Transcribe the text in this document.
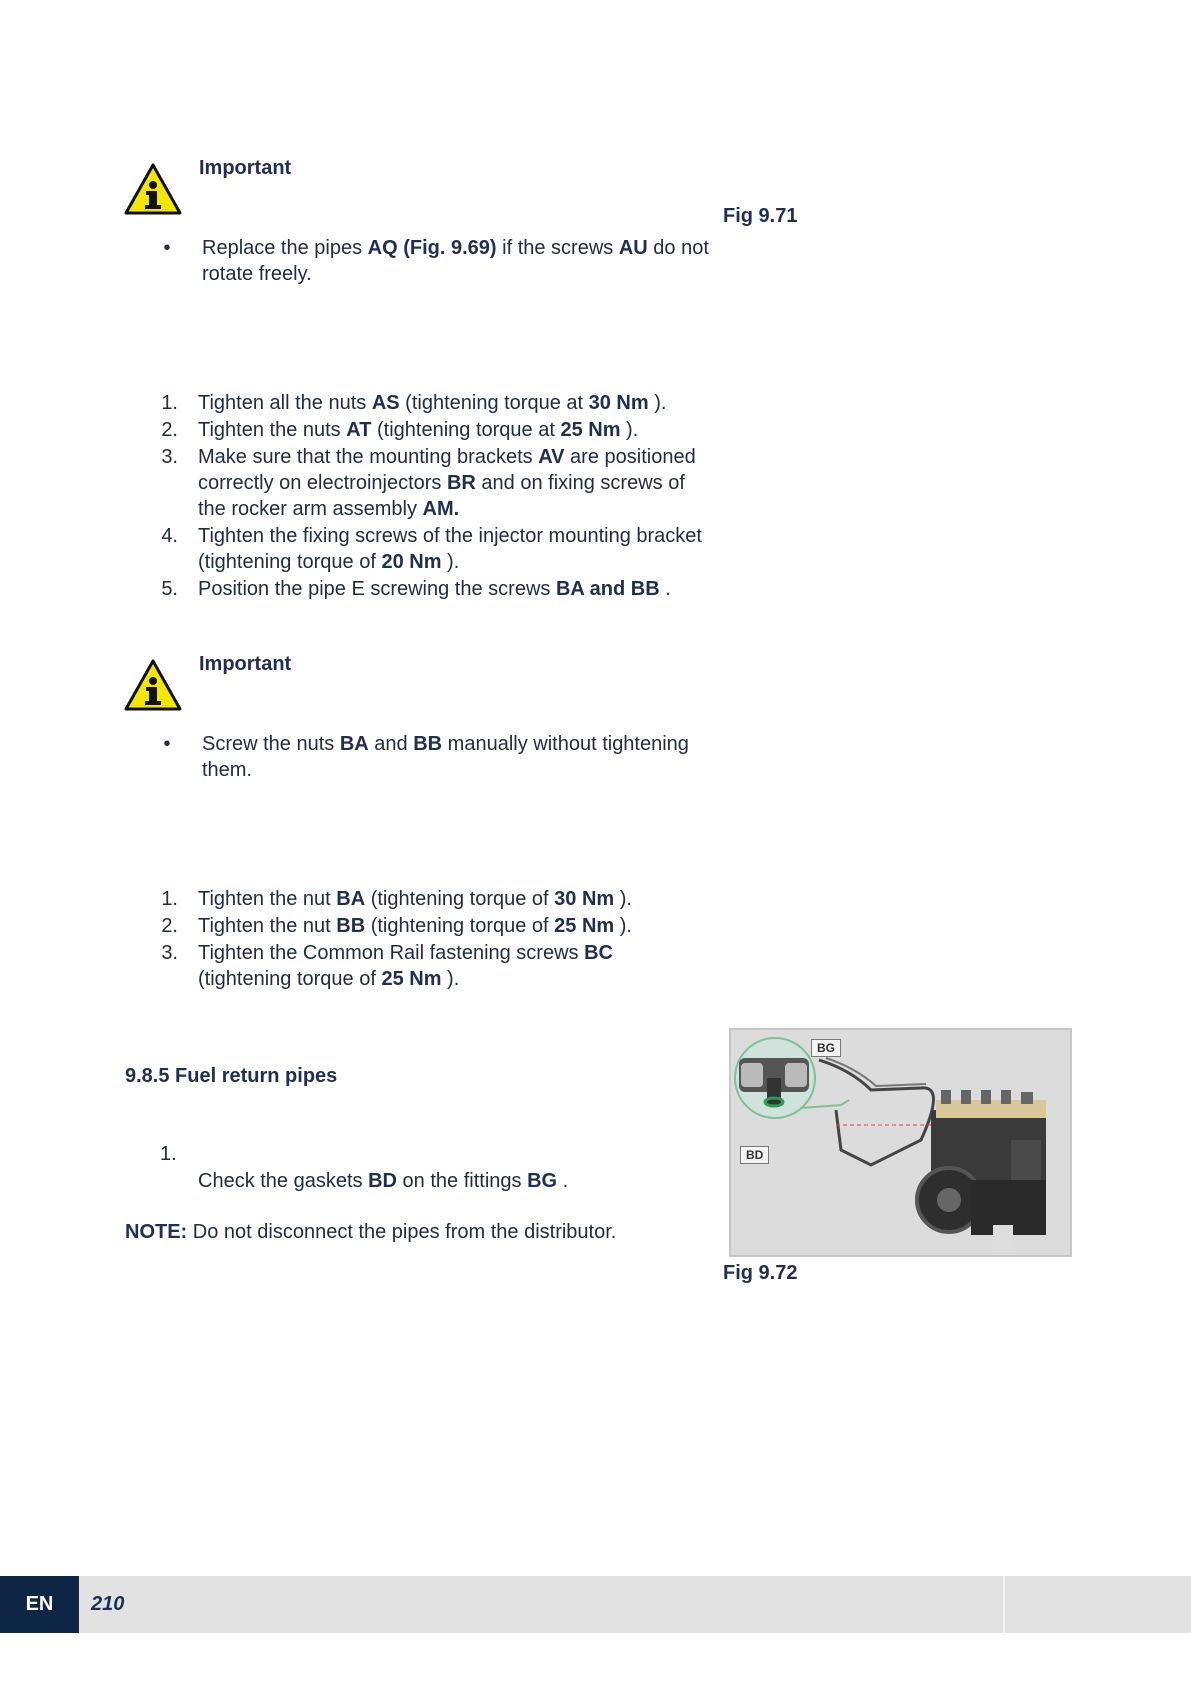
Important
•	Replace the pipes AQ (Fig. 9.69) if the screws AU do not rotate freely.
Fig 9.71
1.	Tighten all the nuts AS (tightening torque at 30 Nm ).
2.	Tighten the nuts AT (tightening torque at 25 Nm ).
3.	Make sure that the mounting brackets AV are positioned correctly on electroinjectors BR and on fixing screws of the rocker arm assembly AM.
4.	Tighten the fixing screws of the injector mounting bracket (tightening torque of 20 Nm ).
5.	Position the pipe E screwing the screws BA and BB .
Important
•	Screw the nuts BA and BB manually without tightening them.
1.	Tighten the nut BA (tightening torque of 30 Nm ).
2.	Tighten the nut BB (tightening torque of 25 Nm ).
3.	Tighten the Common Rail fastening screws BC (tightening torque of 25 Nm ).
9.8.5 Fuel return pipes
1.
Check the gaskets BD on the fittings BG .
NOTE: Do not disconnect the pipes from the distributor.
BG
BD
Fig 9.72
EN	210
